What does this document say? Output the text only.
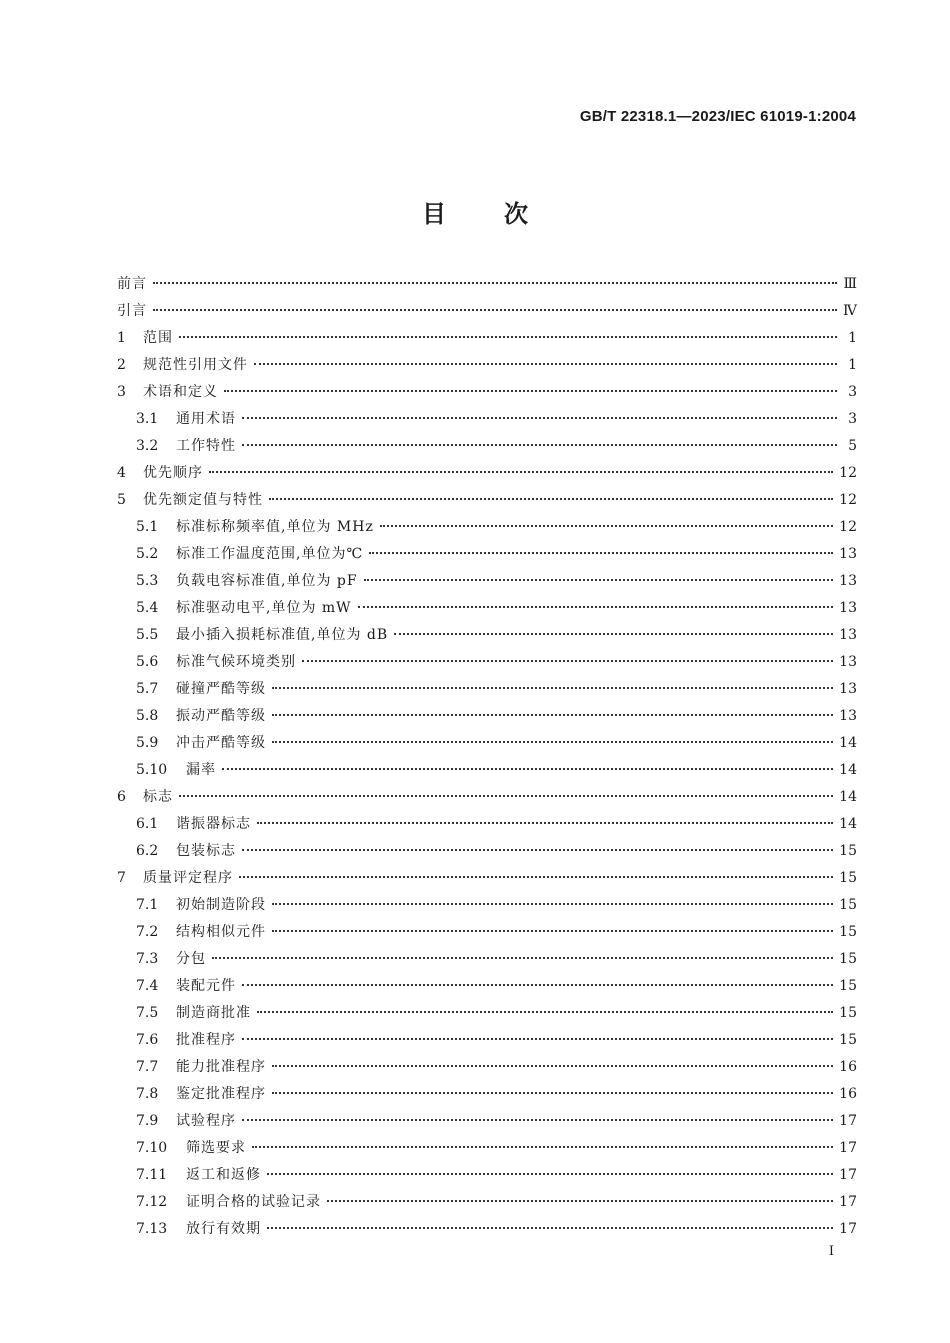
GB/T 22318.1—2023/IEC 61019-1:2004
目 次
前言	Ⅲ
引言	Ⅳ
1	范围	1
2	规范性引用文件	1
3	术语和定义	3
3.1	通用术语	3
3.2	工作特性	5
4	优先顺序	12
5	优先额定值与特性	12
5.1	标准标称频率值,单位为 MHz	12
5.2	标准工作温度范围,单位为℃	13
5.3	负载电容标准值,单位为 pF	13
5.4	标准驱动电平,单位为 mW	13
5.5	最小插入损耗标准值,单位为 dB	13
5.6	标准气候环境类别	13
5.7	碰撞严酷等级	13
5.8	振动严酷等级	13
5.9	冲击严酷等级	14
5.10	漏率	14
6	标志	14
6.1	谐振器标志	14
6.2	包装标志	15
7	质量评定程序	15
7.1	初始制造阶段	15
7.2	结构相似元件	15
7.3	分包	15
7.4	装配元件	15
7.5	制造商批准	15
7.6	批准程序	15
7.7	能力批准程序	16
7.8	鉴定批准程序	16
7.9	试验程序	17
7.10	筛选要求	17
7.11	返工和返修	17
7.12	证明合格的试验记录	17
7.13	放行有效期	17
Ⅰ
